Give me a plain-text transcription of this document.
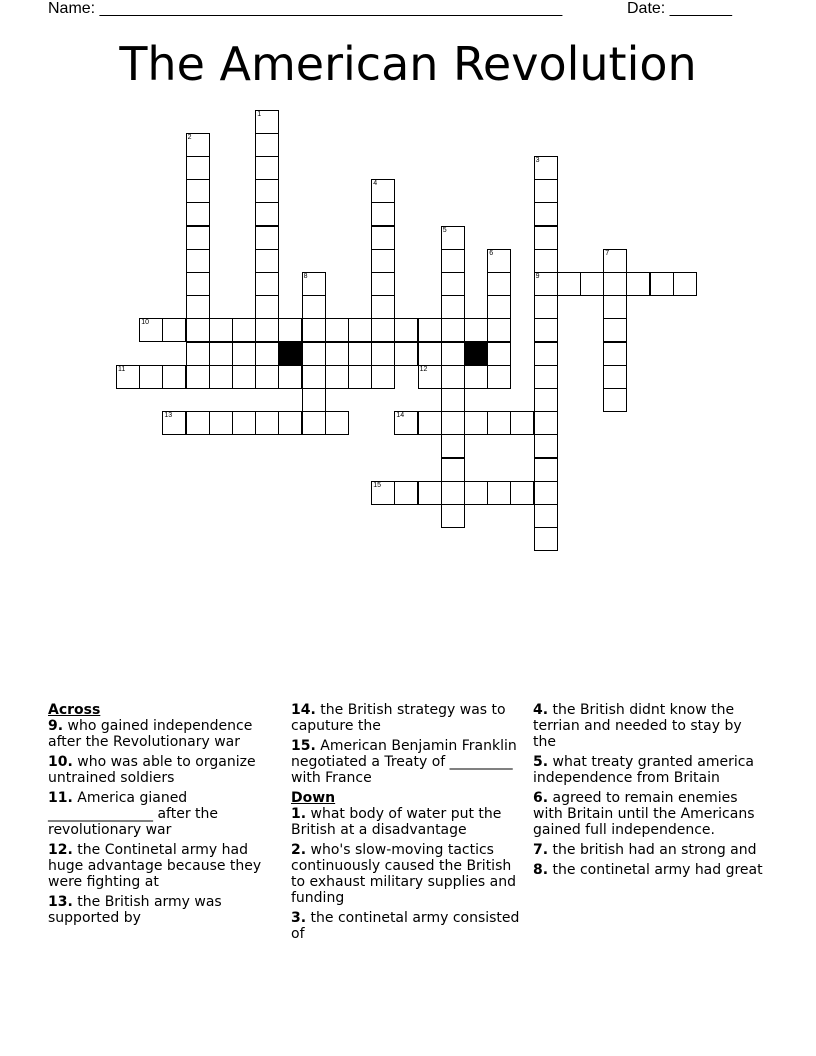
Name: ____________________________________________________	Date: _______
The American Revolution
1
2
3
9
4
5
6	7
8
10
11	12
13	14
15

Across

9. who gained independence after the Revolutionary war

10. who was able to organize untrained soldiers

11. America gianed _______________ after the revolutionary war

12. the Continetal army had huge advantage because they were fighting at

13. the British army was supported by

14. the British strategy was to caputure the

15. American Benjamin Franklin negotiated a Treaty of _________ with France

Down

1. what body of water put the British at a disadvantage

2. who's slow-moving tactics continuously caused the British to exhaust military supplies and funding

3. the continetal army consisted of

4. the British didnt know the terrian and needed to stay by the

5. what treaty granted america independence from Britain

6. agreed to remain enemies with Britain until the Americans gained full independence.

7. the british had an strong and

8. the continetal army had great
